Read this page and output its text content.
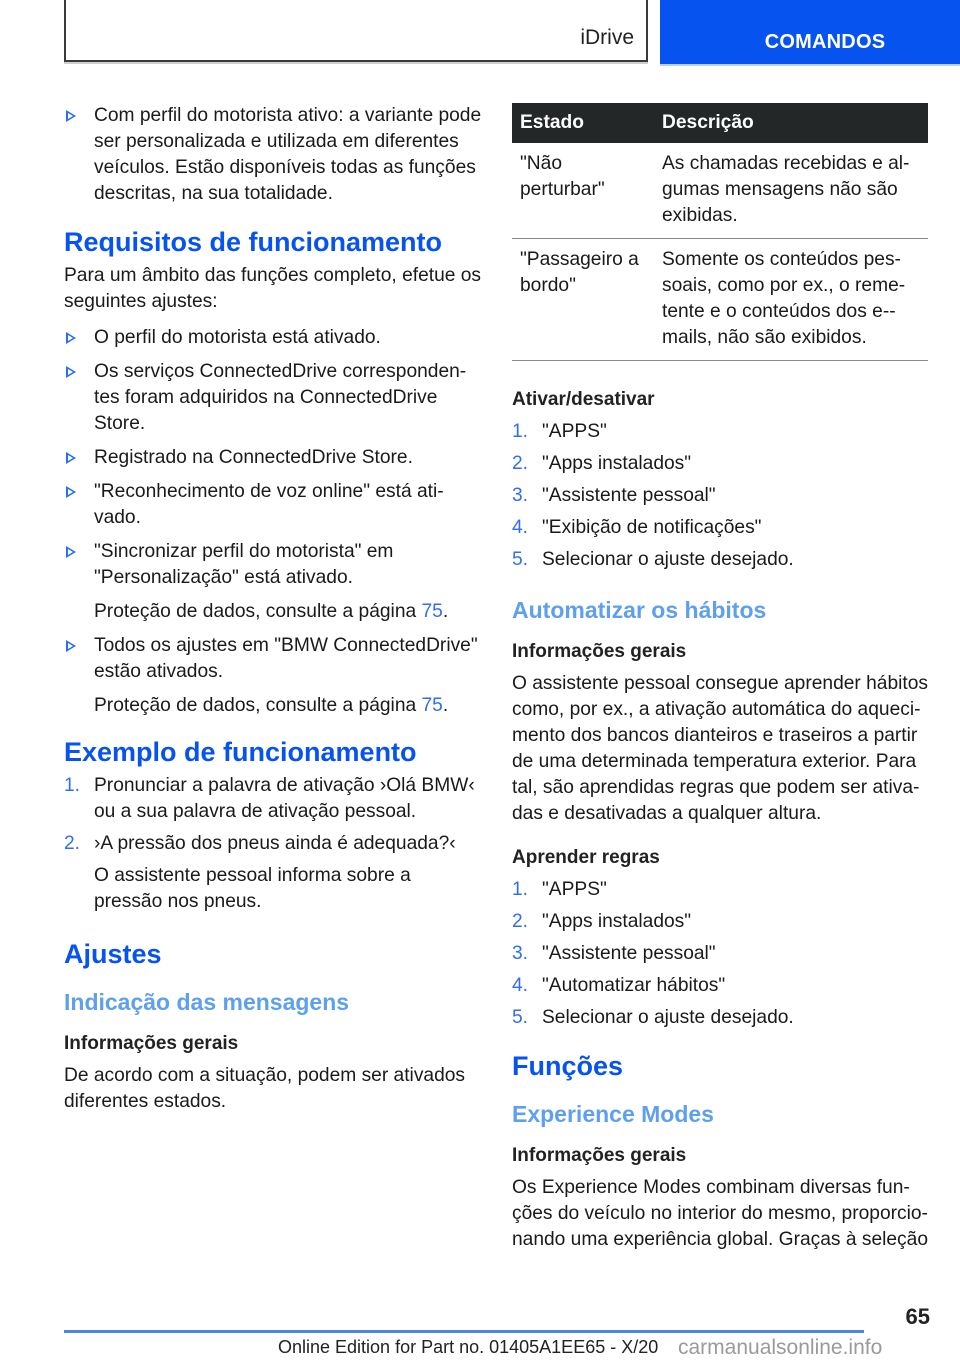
iDrive	COMANDOS

Com perfil do motorista ativo: a variante pode ser personalizada e utilizada em diferentes veículos. Estão disponíveis todas as funções descritas, na sua totalidade.

Requisitos de funcionamento

Para um âmbito das funções completo, efetue os seguintes ajustes:

O perfil do motorista está ativado.

Os serviços ConnectedDrive corresponden-tes foram adquiridos na ConnectedDrive Store.

Registrado na ConnectedDrive Store.

"Reconhecimento de voz online" está ati-vado.

"Sincronizar perfil do motorista" em "Personalização" está ativado.

Proteção de dados, consulte a página 75.

Todos os ajustes em "BMW ConnectedDrive" estão ativados.

Proteção de dados, consulte a página 75.

Exemplo de funcionamento

1. Pronunciar a palavra de ativação ›Olá BMW‹ ou a sua palavra de ativação pessoal.

2. ›A pressão dos pneus ainda é adequada?‹

O assistente pessoal informa sobre a pressão nos pneus.

Ajustes
Indicação das mensagens
Informações gerais

De acordo com a situação, podem ser ativados diferentes estados.

Estado	Descrição
"Não perturbar"	As chamadas recebidas e al-gumas mensagens não são exibidas.
"Passageiro a bordo"	Somente os conteúdos pes-soais, como por ex., o reme-tente e o conteúdos dos e--mails, não são exibidos.
Ativar/desativar

1. "APPS"

2. "Apps instalados"

3. "Assistente pessoal"

4. "Exibição de notificações"

5. Selecionar o ajuste desejado.

Automatizar os hábitos
Informações gerais

O assistente pessoal consegue aprender hábitos como, por ex., a ativação automática do aqueci-mento dos bancos dianteiros e traseiros a partir de uma determinada temperatura exterior. Para tal, são aprendidas regras que podem ser ativa-das e desativadas a qualquer altura.

Aprender regras

1. "APPS"

2. "Apps instalados"

3. "Assistente pessoal"

4. "Automatizar hábitos"

5. Selecionar o ajuste desejado.

Funções
Experience Modes
Informações gerais

Os Experience Modes combinam diversas fun-ções do veículo no interior do mesmo, proporcio-nando uma experiência global. Graças à seleção

65
Online Edition for Part no. 01405A1EE65 - X/20 carmanualsonline.info
